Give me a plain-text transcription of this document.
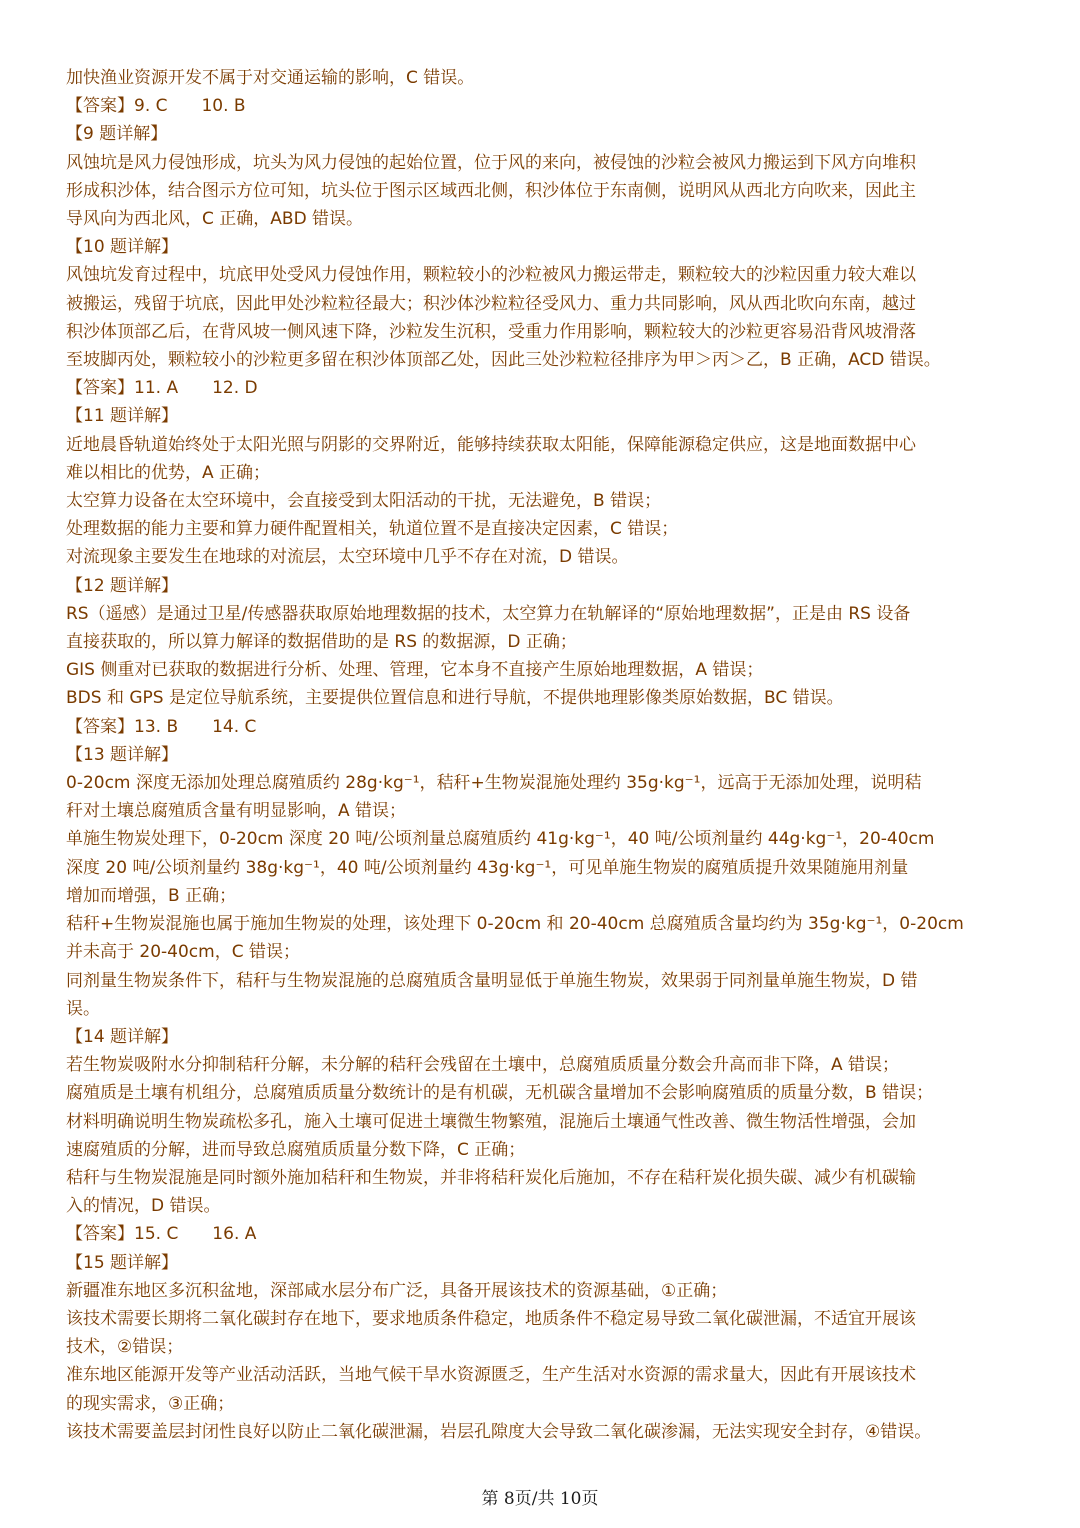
加快渔业资源开发不属于对交通运输的影响，C 错误。
【答案】9. C　　10. B
【9 题详解】
风蚀坑是风力侵蚀形成，坑头为风力侵蚀的起始位置，位于风的来向，被侵蚀的沙粒会被风力搬运到下风方向堆积
形成积沙体，结合图示方位可知，坑头位于图示区域西北侧，积沙体位于东南侧，说明风从西北方向吹来，因此主
导风向为西北风，C 正确，ABD 错误。
【10 题详解】
风蚀坑发育过程中，坑底甲处受风力侵蚀作用，颗粒较小的沙粒被风力搬运带走，颗粒较大的沙粒因重力较大难以
被搬运，残留于坑底，因此甲处沙粒粒径最大；积沙体沙粒粒径受风力、重力共同影响，风从西北吹向东南，越过
积沙体顶部乙后，在背风坡一侧风速下降，沙粒发生沉积，受重力作用影响，颗粒较大的沙粒更容易沿背风坡滑落
至坡脚丙处，颗粒较小的沙粒更多留在积沙体顶部乙处，因此三处沙粒粒径排序为甲＞丙＞乙，B 正确，ACD 错误。
【答案】11. A　　12. D
【11 题详解】
近地晨昏轨道始终处于太阳光照与阴影的交界附近，能够持续获取太阳能，保障能源稳定供应，这是地面数据中心
难以相比的优势，A 正确；
太空算力设备在太空环境中，会直接受到太阳活动的干扰，无法避免，B 错误；
处理数据的能力主要和算力硬件配置相关，轨道位置不是直接决定因素，C 错误；
对流现象主要发生在地球的对流层，太空环境中几乎不存在对流，D 错误。
【12 题详解】
RS（遥感）是通过卫星/传感器获取原始地理数据的技术，太空算力在轨解译的“原始地理数据”，正是由 RS 设备
直接获取的，所以算力解译的数据借助的是 RS 的数据源，D 正确；
GIS 侧重对已获取的数据进行分析、处理、管理，它本身不直接产生原始地理数据，A 错误；
BDS 和 GPS 是定位导航系统，主要提供位置信息和进行导航，不提供地理影像类原始数据，BC 错误。
【答案】13. B　　14. C
【13 题详解】
0-20cm 深度无添加处理总腐殖质约 28g·kg⁻¹，秸秆+生物炭混施处理约 35g·kg⁻¹，远高于无添加处理，说明秸
秆对土壤总腐殖质含量有明显影响，A 错误；
单施生物炭处理下，0-20cm 深度 20 吨/公顷剂量总腐殖质约 41g·kg⁻¹，40 吨/公顷剂量约 44g·kg⁻¹，20-40cm
深度 20 吨/公顷剂量约 38g·kg⁻¹，40 吨/公顷剂量约 43g·kg⁻¹，可见单施生物炭的腐殖质提升效果随施用剂量
增加而增强，B 正确；
秸秆+生物炭混施也属于施加生物炭的处理，该处理下 0-20cm 和 20-40cm 总腐殖质含量均约为 35g·kg⁻¹，0-20cm
并未高于 20-40cm，C 错误；
同剂量生物炭条件下，秸秆与生物炭混施的总腐殖质含量明显低于单施生物炭，效果弱于同剂量单施生物炭，D 错
误。
【14 题详解】
若生物炭吸附水分抑制秸秆分解，未分解的秸秆会残留在土壤中，总腐殖质质量分数会升高而非下降，A 错误；
腐殖质是土壤有机组分，总腐殖质质量分数统计的是有机碳，无机碳含量增加不会影响腐殖质的质量分数，B 错误；
材料明确说明生物炭疏松多孔，施入土壤可促进土壤微生物繁殖，混施后土壤通气性改善、微生物活性增强，会加
速腐殖质的分解，进而导致总腐殖质质量分数下降，C 正确；
秸秆与生物炭混施是同时额外施加秸秆和生物炭，并非将秸秆炭化后施加，不存在秸秆炭化损失碳、减少有机碳输
入的情况，D 错误。
【答案】15. C　　16. A
【15 题详解】
新疆准东地区多沉积盆地，深部咸水层分布广泛，具备开展该技术的资源基础，①正确；
该技术需要长期将二氧化碳封存在地下，要求地质条件稳定，地质条件不稳定易导致二氧化碳泄漏，不适宜开展该
技术，②错误；
准东地区能源开发等产业活动活跃，当地气候干旱水资源匮乏，生产生活对水资源的需求量大，因此有开展该技术
的现实需求，③正确；
该技术需要盖层封闭性良好以防止二氧化碳泄漏，岩层孔隙度大会导致二氧化碳渗漏，无法实现安全封存，④错误。
第 8页/共 10页
